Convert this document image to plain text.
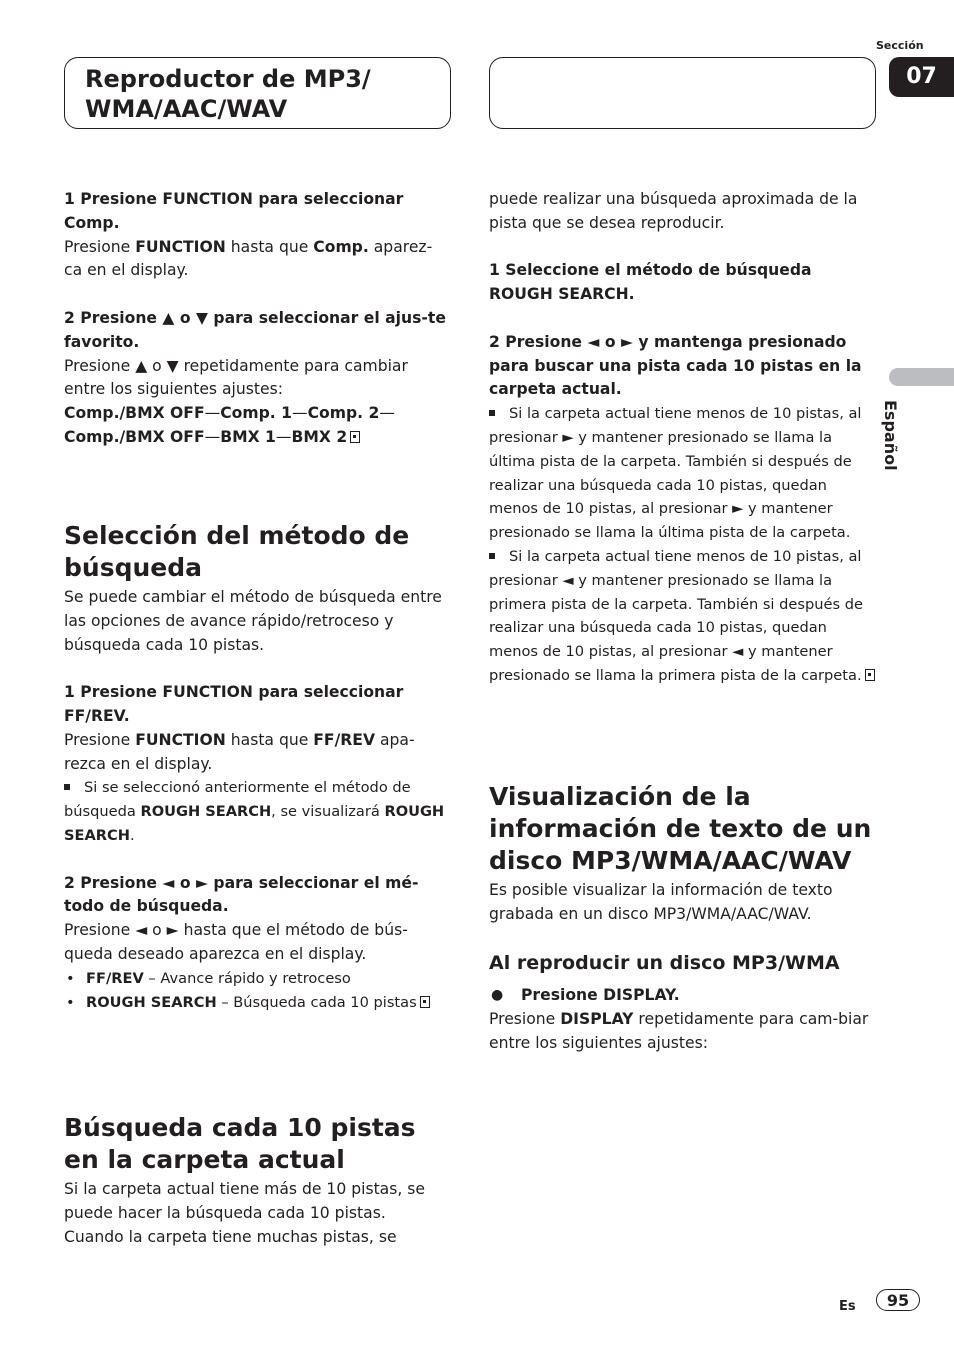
Reproductor de MP3/
WMA/AAC/WAV
Sección
07
Español

1 Presione FUNCTION para seleccionar Comp.

Presione FUNCTION hasta que Comp. aparez-ca en el display.

2 Presione ▲ o ▼ para seleccionar el ajus-te favorito.

Presione ▲ o ▼ repetidamente para cambiar entre los siguientes ajustes:

Comp./BMX OFF—Comp. 1—Comp. 2—

Comp./BMX OFF—BMX 1—BMX 2

Selección del método de búsqueda

Se puede cambiar el método de búsqueda entre las opciones de avance rápido/retroceso y búsqueda cada 10 pistas.

1 Presione FUNCTION para seleccionar FF/REV.

Presione FUNCTION hasta que FF/REV apa-rezca en el display.

Si se seleccionó anteriormente el método de búsqueda ROUGH SEARCH, se visualizará ROUGH SEARCH.

2 Presione ◄ o ► para seleccionar el mé-todo de búsqueda.

Presione ◄ o ► hasta que el método de bús-queda deseado aparezca en el display.

• FF/REV – Avance rápido y retroceso

• ROUGH SEARCH – Búsqueda cada 10 pistas

Búsqueda cada 10 pistas en la carpeta actual

Si la carpeta actual tiene más de 10 pistas, se puede hacer la búsqueda cada 10 pistas. Cuando la carpeta tiene muchas pistas, se

puede realizar una búsqueda aproximada de la pista que se desea reproducir.

1 Seleccione el método de búsqueda ROUGH SEARCH.

2 Presione ◄ o ► y mantenga presionado para buscar una pista cada 10 pistas en la carpeta actual.

Si la carpeta actual tiene menos de 10 pistas, al presionar ► y mantener presionado se llama la última pista de la carpeta. También si después de realizar una búsqueda cada 10 pistas, quedan menos de 10 pistas, al presionar ► y mantener presionado se llama la última pista de la carpeta.

Si la carpeta actual tiene menos de 10 pistas, al presionar ◄ y mantener presionado se llama la primera pista de la carpeta. También si después de realizar una búsqueda cada 10 pistas, quedan menos de 10 pistas, al presionar ◄ y mantener presionado se llama la primera pista de la carpeta.

Visualización de la información de texto de un disco MP3/WMA/AAC/WAV

Es posible visualizar la información de texto grabada en un disco MP3/WMA/AAC/WAV.

Al reproducir un disco MP3/WMA

● Presione DISPLAY.

Presione DISPLAY repetidamente para cam-biar entre los siguientes ajustes:

Es	95
